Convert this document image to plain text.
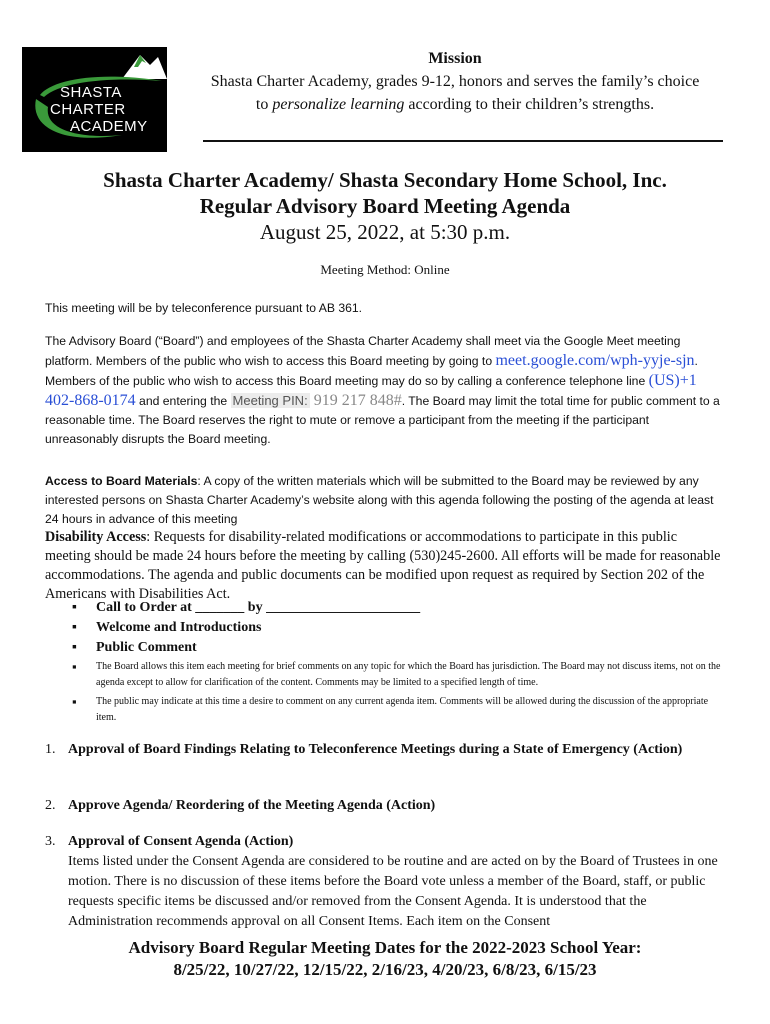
SHASTA
CHARTER
ACADEMY
Mission
Shasta Charter Academy, grades 9-12, honors and serves the family’s choice
to personalize learning according to their children’s strengths.
Shasta Charter Academy/ Shasta Secondary Home School, Inc.
Regular Advisory Board Meeting Agenda
August 25, 2022, at 5:30 p.m.
Meeting Method: Online

This meeting will be by teleconference pursuant to AB 361.

The Advisory Board (“Board”) and employees of the Shasta Charter Academy shall meet via the Google Meet meeting platform. Members of the public who wish to access this Board meeting by going to meet.google.com/wph-yyje-sjn. Members of the public who wish to access this Board meeting may do so by calling a conference telephone line (US)+1 402-868-0174 and entering the Meeting PIN: 919 217 848#. The Board may limit the total time for public comment to a reasonable time. The Board reserves the right to mute or remove a participant from the meeting if the participant unreasonably disrupts the Board meeting.

Access to Board Materials: A copy of the written materials which will be submitted to the Board may be reviewed by any interested persons on Shasta Charter Academy’s website along with this agenda following the posting of the agenda at least 24 hours in advance of this meeting

Disability Access: Requests for disability-related modifications or accommodations to participate in this public meeting should be made 24 hours before the meeting by calling (530)245-2600. All efforts will be made for reasonable accommodations. The agenda and public documents can be modified upon request as required by Section 202 of the Americans with Disabilities Act.

▪ Call to Order at _______ by ______________________
▪ Welcome and Introductions
▪ Public Comment
▪ The Board allows this item each meeting for brief comments on any topic for which the Board has jurisdiction. The Board may not discuss items, not on the agenda except to allow for clarification of the content. Comments may be limited to a specified length of time.
▪ The public may indicate at this time a desire to comment on any current agenda item. Comments will be allowed during the discussion of the appropriate item.
1. Approval of Board Findings Relating to Teleconference Meetings during a State of Emergency (Action)
2. Approve Agenda/ Reordering of the Meeting Agenda (Action)
3. Approval of Consent Agenda (Action)
Items listed under the Consent Agenda are considered to be routine and are acted on by the Board of Trustees in one motion. There is no discussion of these items before the Board vote unless a member of the Board, staff, or public requests specific items be discussed and/or removed from the Consent Agenda. It is understood that the Administration recommends approval on all Consent Items. Each item on the Consent
Advisory Board Regular Meeting Dates for the 2022-2023 School Year:
8/25/22, 10/27/22, 12/15/22, 2/16/23, 4/20/23, 6/8/23, 6/15/23
